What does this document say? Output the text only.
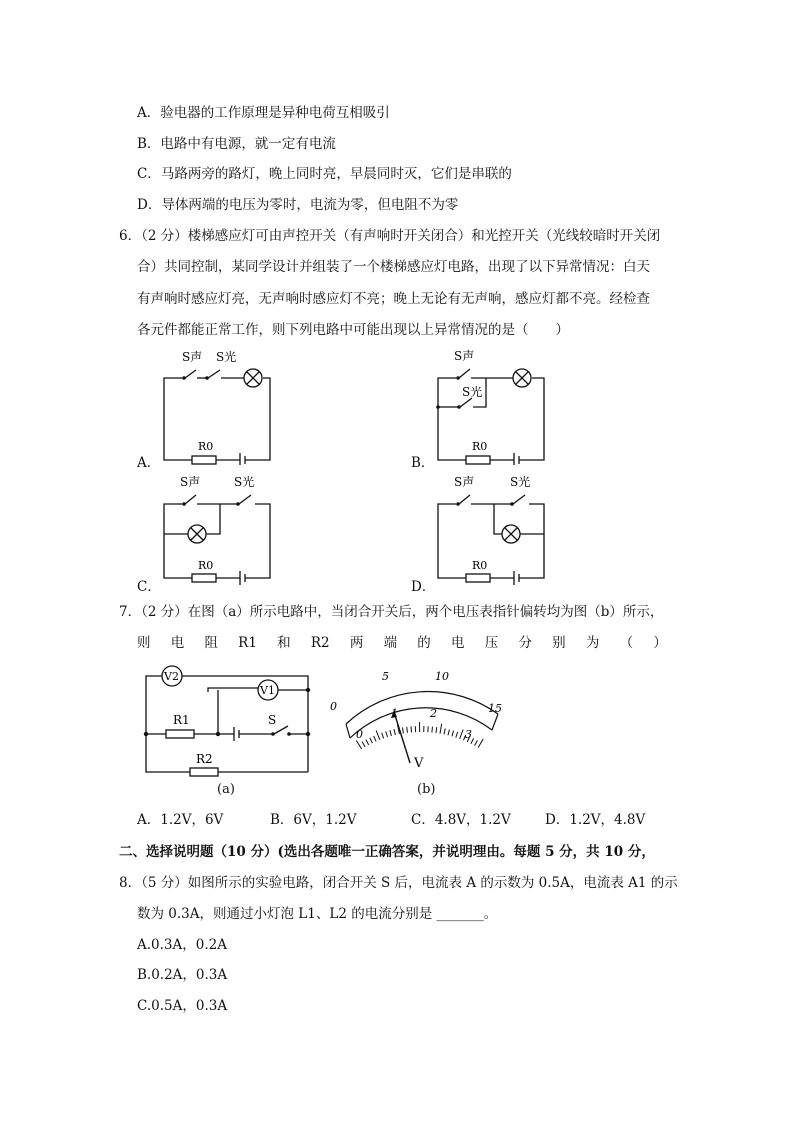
A．验电器的工作原理是异种电荷互相吸引
B．电路中有电源，就一定有电流
C．马路两旁的路灯，晚上同时亮，早晨同时灭，它们是串联的
D．导体两端的电压为零时，电流为零，但电阻不为零
6．（2 分）楼梯感应灯可由声控开关（有声响时开关闭合）和光控开关（光线较暗时开关闭
合）共同控制，某同学设计并组装了一个楼梯感应灯电路，出现了以下异常情况：白天
有声响时感应灯亮，无声响时感应灯不亮；晚上无论有无声响，感应灯都不亮。经检查
各元件都能正常工作，则下列电路中可能出现以上异常情况的是（　　）
A．
S声 S光
R0
B．
S声
S光
R0
C．
S声	S光
R0
D．
S声	S光
R0
7．（2 分）在图（a）所示电路中，当闭合开关后，两个电压表指针偏转均为图（b）所示，
则 电 阻 R1 和 R2 两 端 的 电 压 分 别 为 （ ）
V2
V1
R1
R2
S
(a)
0
5	10
15
0
1	2
3
V
(b)
A．1.2V，6V	B．6V，1.2V	C．4.8V，1.2V	D．1.2V，4.8V
二、选择说明题（10 分）(选出各题唯一正确答案，并说明理由。每题 5 分，共 10 分，
8．（5 分）如图所示的实验电路，闭合开关 S 后，电流表 A 的示数为 0.5A，电流表 A1 的示
数为 0.3A，则通过小灯泡 L1、L2 的电流分别是 _______。
A.0.3A，0.2A
B.0.2A，0.3A
C.0.5A，0.3A
